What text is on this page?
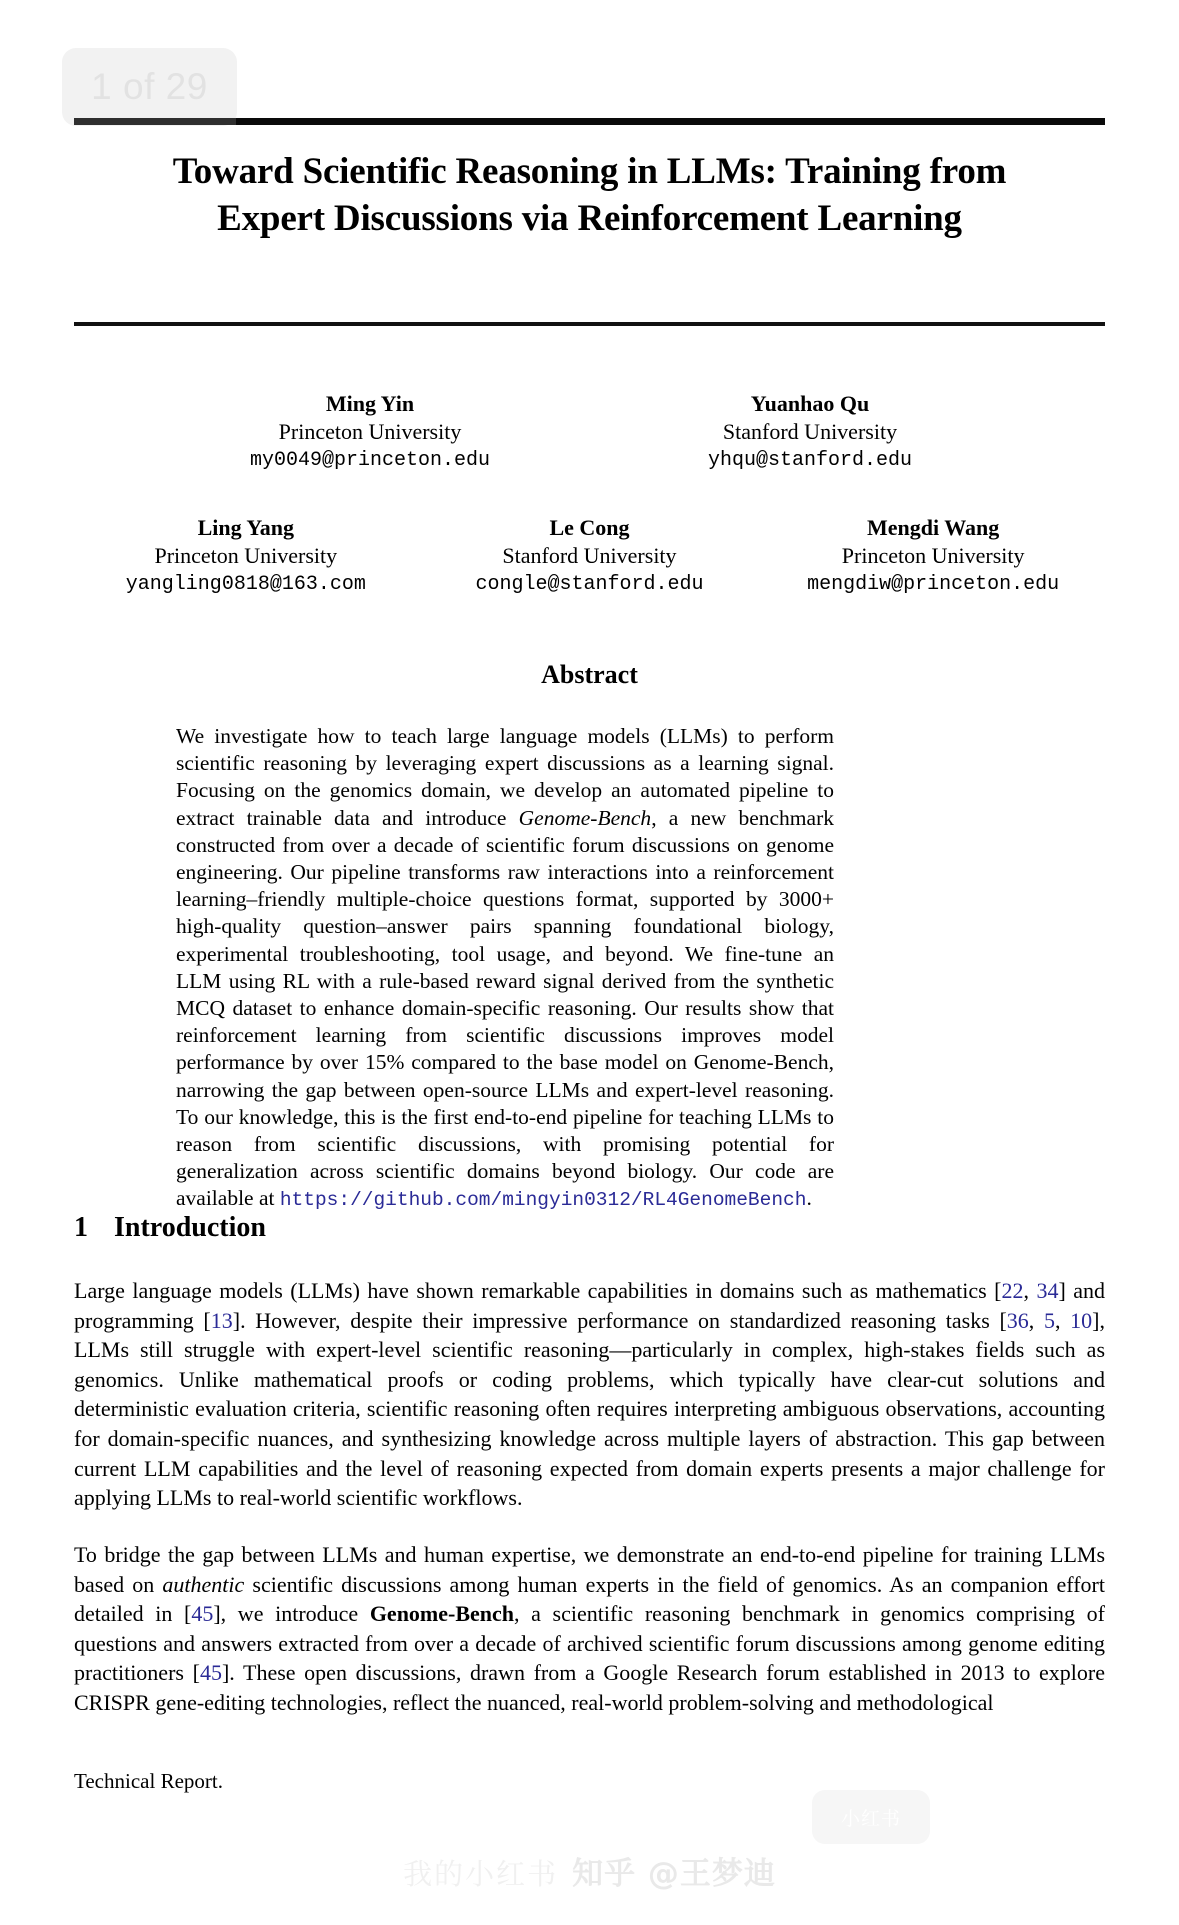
Toward Scientific Reasoning in LLMs: Training from
Expert Discussions via Reinforcement Learning
Ming Yin
Princeton University
my0049@princeton.edu
Yuanhao Qu
Stanford University
yhqu@stanford.edu
Ling Yang
Princeton University
yangling0818@163.com
Le Cong
Stanford University
congle@stanford.edu
Mengdi Wang
Princeton University
mengdiw@princeton.edu
Abstract
We investigate how to teach large language models (LLMs) to perform scientific reasoning by leveraging expert discussions as a learning signal. Focusing on the genomics domain, we develop an automated pipeline to extract trainable data and introduce Genome-Bench, a new benchmark constructed from over a decade of scientific forum discussions on genome engineering. Our pipeline transforms raw interactions into a reinforcement learning–friendly multiple-choice questions format, supported by 3000+ high-quality question–answer pairs spanning foundational biology, experimental troubleshooting, tool usage, and beyond. We fine-tune an LLM using RL with a rule-based reward signal derived from the synthetic MCQ dataset to enhance domain-specific reasoning. Our results show that reinforcement learning from scientific discussions improves model performance by over 15% compared to the base model on Genome-Bench, narrowing the gap between open-source LLMs and expert-level reasoning. To our knowledge, this is the first end-to-end pipeline for teaching LLMs to reason from scientific discussions, with promising potential for generalization across scientific domains beyond biology. Our code are available at https://github.com/mingyin0312/RL4GenomeBench.
1 Introduction
Large language models (LLMs) have shown remarkable capabilities in domains such as mathematics [22, 34] and programming [13]. However, despite their impressive performance on standardized reasoning tasks [36, 5, 10], LLMs still struggle with expert-level scientific reasoning—particularly in complex, high-stakes fields such as genomics. Unlike mathematical proofs or coding problems, which typically have clear-cut solutions and deterministic evaluation criteria, scientific reasoning often requires interpreting ambiguous observations, accounting for domain-specific nuances, and synthesizing knowledge across multiple layers of abstraction. This gap between current LLM capabilities and the level of reasoning expected from domain experts presents a major challenge for applying LLMs to real-world scientific workflows.
To bridge the gap between LLMs and human expertise, we demonstrate an end-to-end pipeline for training LLMs based on authentic scientific discussions among human experts in the field of genomics. As an companion effort detailed in [45], we introduce Genome-Bench, a scientific reasoning benchmark in genomics comprising of questions and answers extracted from over a decade of archived scientific forum discussions among genome editing practitioners [45]. These open discussions, drawn from a Google Research forum established in 2013 to explore CRISPR gene-editing technologies, reflect the nuanced, real-world problem-solving and methodological
Technical Report.
1 of 29
小红书
我的小红书 知乎 @王梦迪
